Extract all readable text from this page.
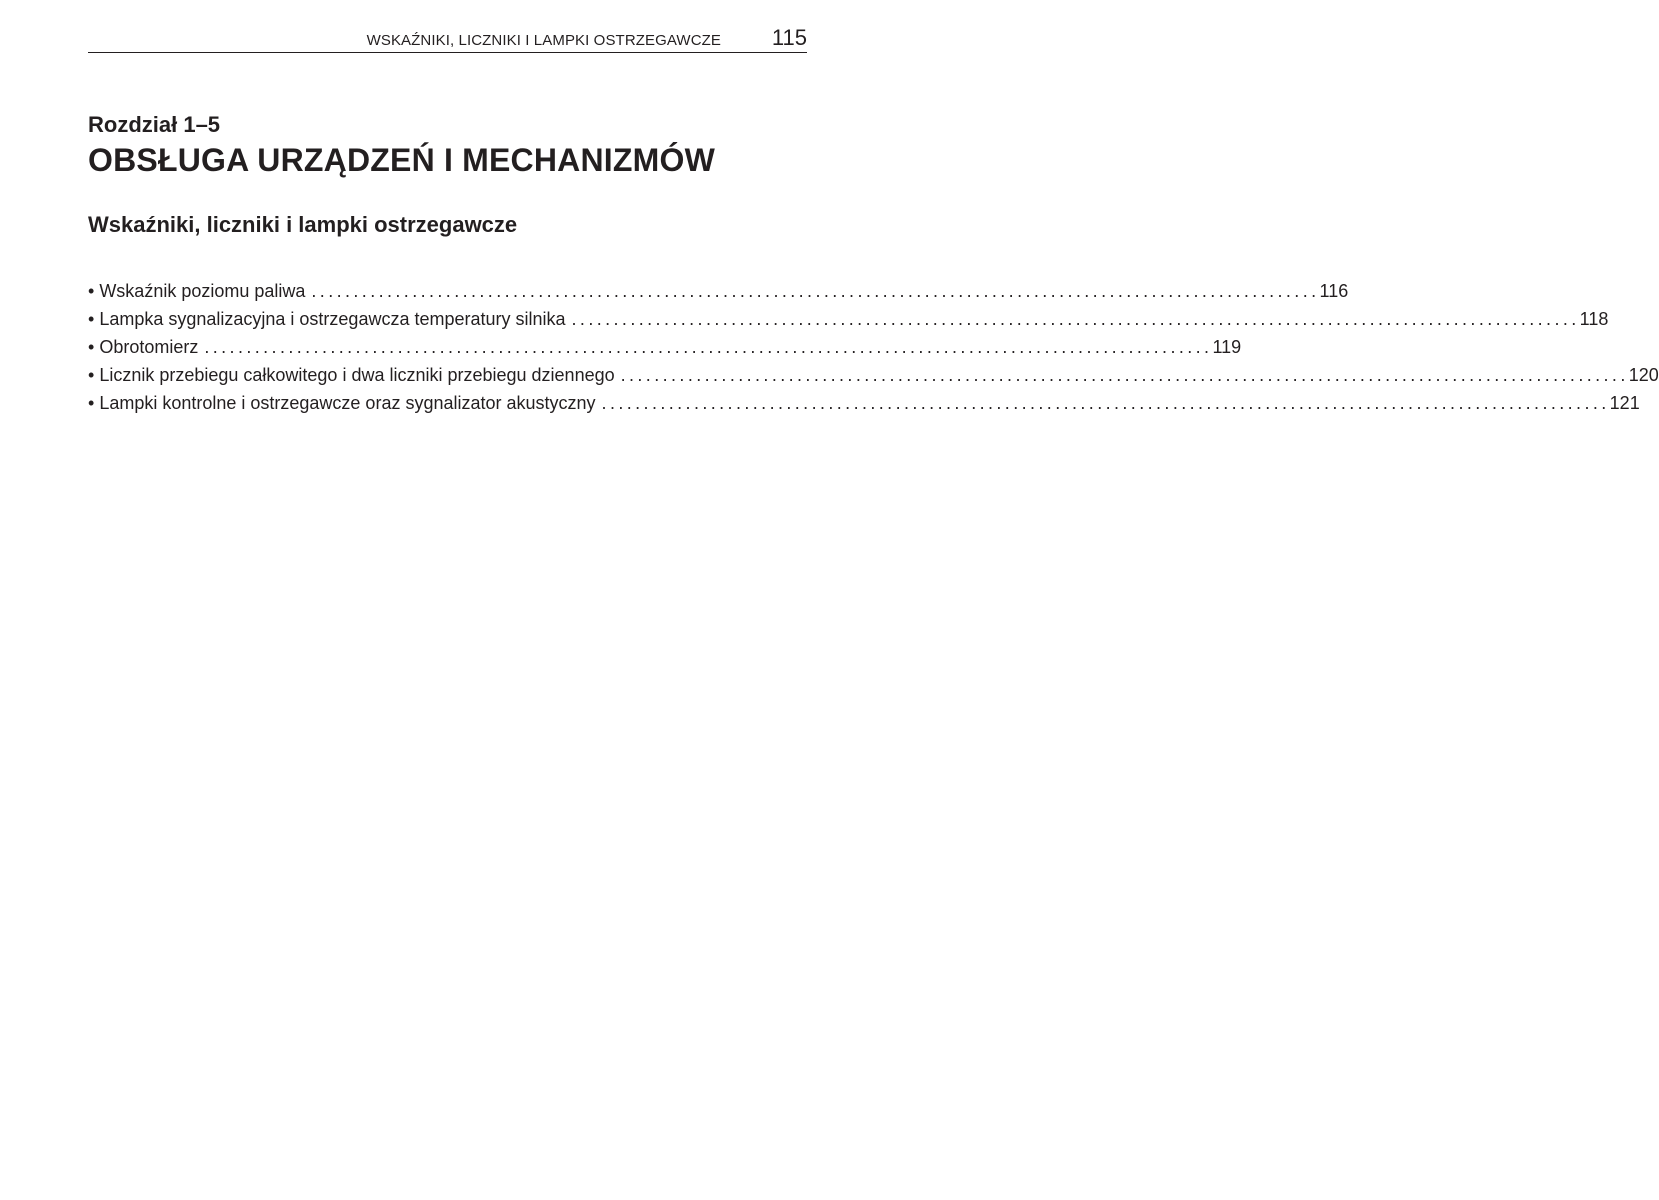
WSKAŹNIKI, LICZNIKI I LAMPKI OSTRZEGAWCZE 115
Rozdział 1–5
OBSŁUGA URZĄDZEŃ I MECHANIZMÓW
Wskaźniki, liczniki i lampki ostrzegawcze
• Wskaźnik poziomu paliwa ........................................................................................................................ 116
• Lampka sygnalizacyjna i ostrzegawcza temperatury silnika ........................................................................................................................ 118
• Obrotomierz ........................................................................................................................ 119
• Licznik przebiegu całkowitego i dwa liczniki przebiegu dziennego ........................................................................................................................ 120
• Lampki kontrolne i ostrzegawcze oraz sygnalizator akustyczny ........................................................................................................................ 121
